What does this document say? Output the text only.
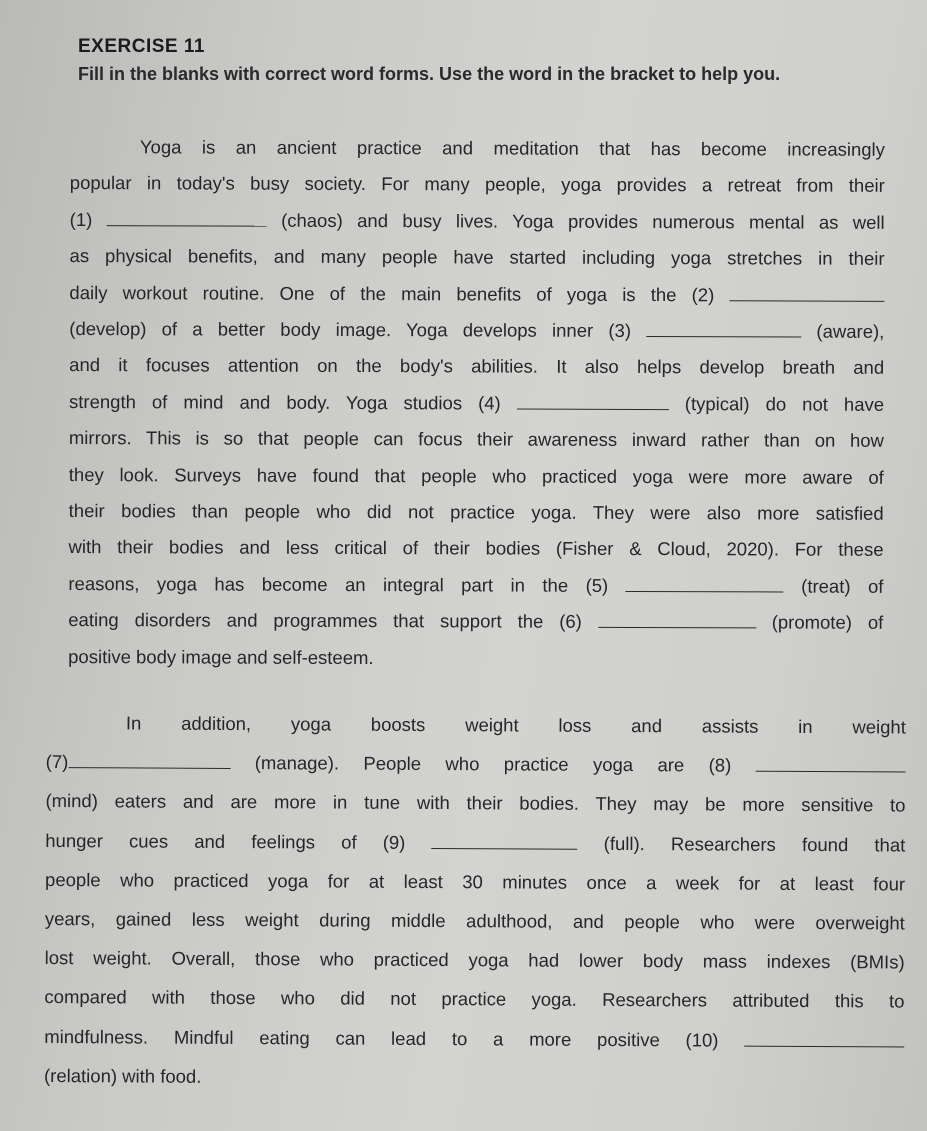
EXERCISE 11

Fill in the blanks with correct word forms. Use the word in the bracket to help you.

Yoga is an ancient practice and meditation that has become increasingly
popular in today's busy society. For many people, yoga provides a retreat from their
(1)	(chaos) and busy lives. Yoga provides numerous mental as well
as physical benefits, and many people have started including yoga stretches in their
daily workout routine. One of the main benefits of yoga is the (2)
(develop) of a better body image. Yoga develops inner (3)	(aware),
and it focuses attention on the body's abilities. It also helps develop breath and
strength of mind and body. Yoga studios (4)	(typical) do not have
mirrors. This is so that people can focus their awareness inward rather than on how
they look. Surveys have found that people who practiced yoga were more aware of
their bodies than people who did not practice yoga. They were also more satisfied
with their bodies and less critical of their bodies (Fisher & Cloud, 2020). For these
reasons, yoga has become an integral part in the (5)	(treat) of
eating disorders and programmes that support the (6)	(promote) of
positive body image and self-esteem.
In addition, yoga boosts weight loss and assists in weight
(7)	(manage). People who practice yoga are (8)
(mind) eaters and are more in tune with their bodies. They may be more sensitive to
hunger cues and feelings of (9)	(full). Researchers found that
people who practiced yoga for at least 30 minutes once a week for at least four
years, gained less weight during middle adulthood, and people who were overweight
lost weight. Overall, those who practiced yoga had lower body mass indexes (BMIs)
compared with those who did not practice yoga. Researchers attributed this to
mindfulness. Mindful eating can lead to a more positive (10)
(relation) with food.
